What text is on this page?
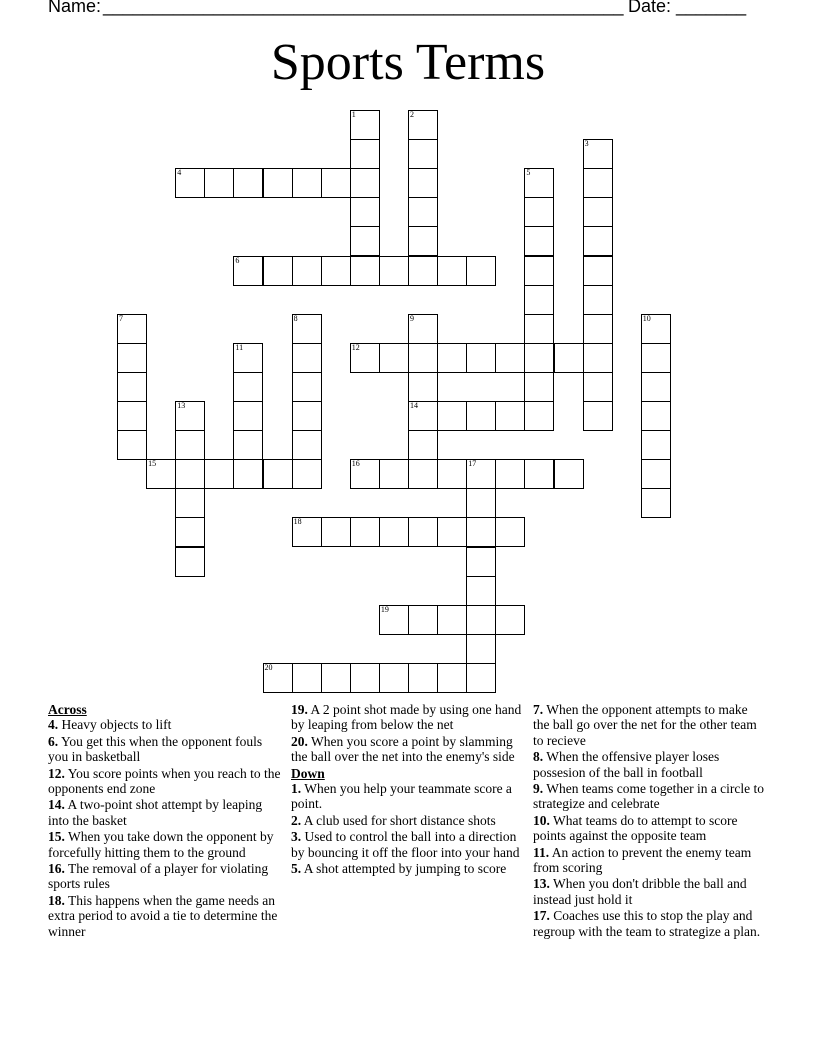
Name:

____________________________________________________

Date: _______

Sports Terms
1	2
3
4	5
6
7	8	9
14
10
11	12
13
15	16	17
18
19
20
Across
4. Heavy objects to lift
6. You get this when the opponent fouls you in basketball
12. You score points when you reach to the opponents end zone
14. A two-point shot attempt by leaping into the basket
15. When you take down the opponent by forcefully hitting them to the ground
16. The removal of a player for violating sports rules
18. This happens when the game needs an extra period to avoid a tie to determine the winner
19. A 2 point shot made by using one hand by leaping from below the net
20. When you score a point by slamming the ball over the net into the enemy's side
Down
1. When you help your teammate score a point.
2. A club used for short distance shots
3. Used to control the ball into a direction by bouncing it off the floor into your hand
5. A shot attempted by jumping to score
7. When the opponent attempts to make the ball go over the net for the other team to recieve
8. When the offensive player loses possesion of the ball in football
9. When teams come together in a circle to strategize and celebrate
10. What teams do to attempt to score points against the opposite team
11. An action to prevent the enemy team from scoring
13. When you don't dribble the ball and instead just hold it
17. Coaches use this to stop the play and regroup with the team to strategize a plan.
